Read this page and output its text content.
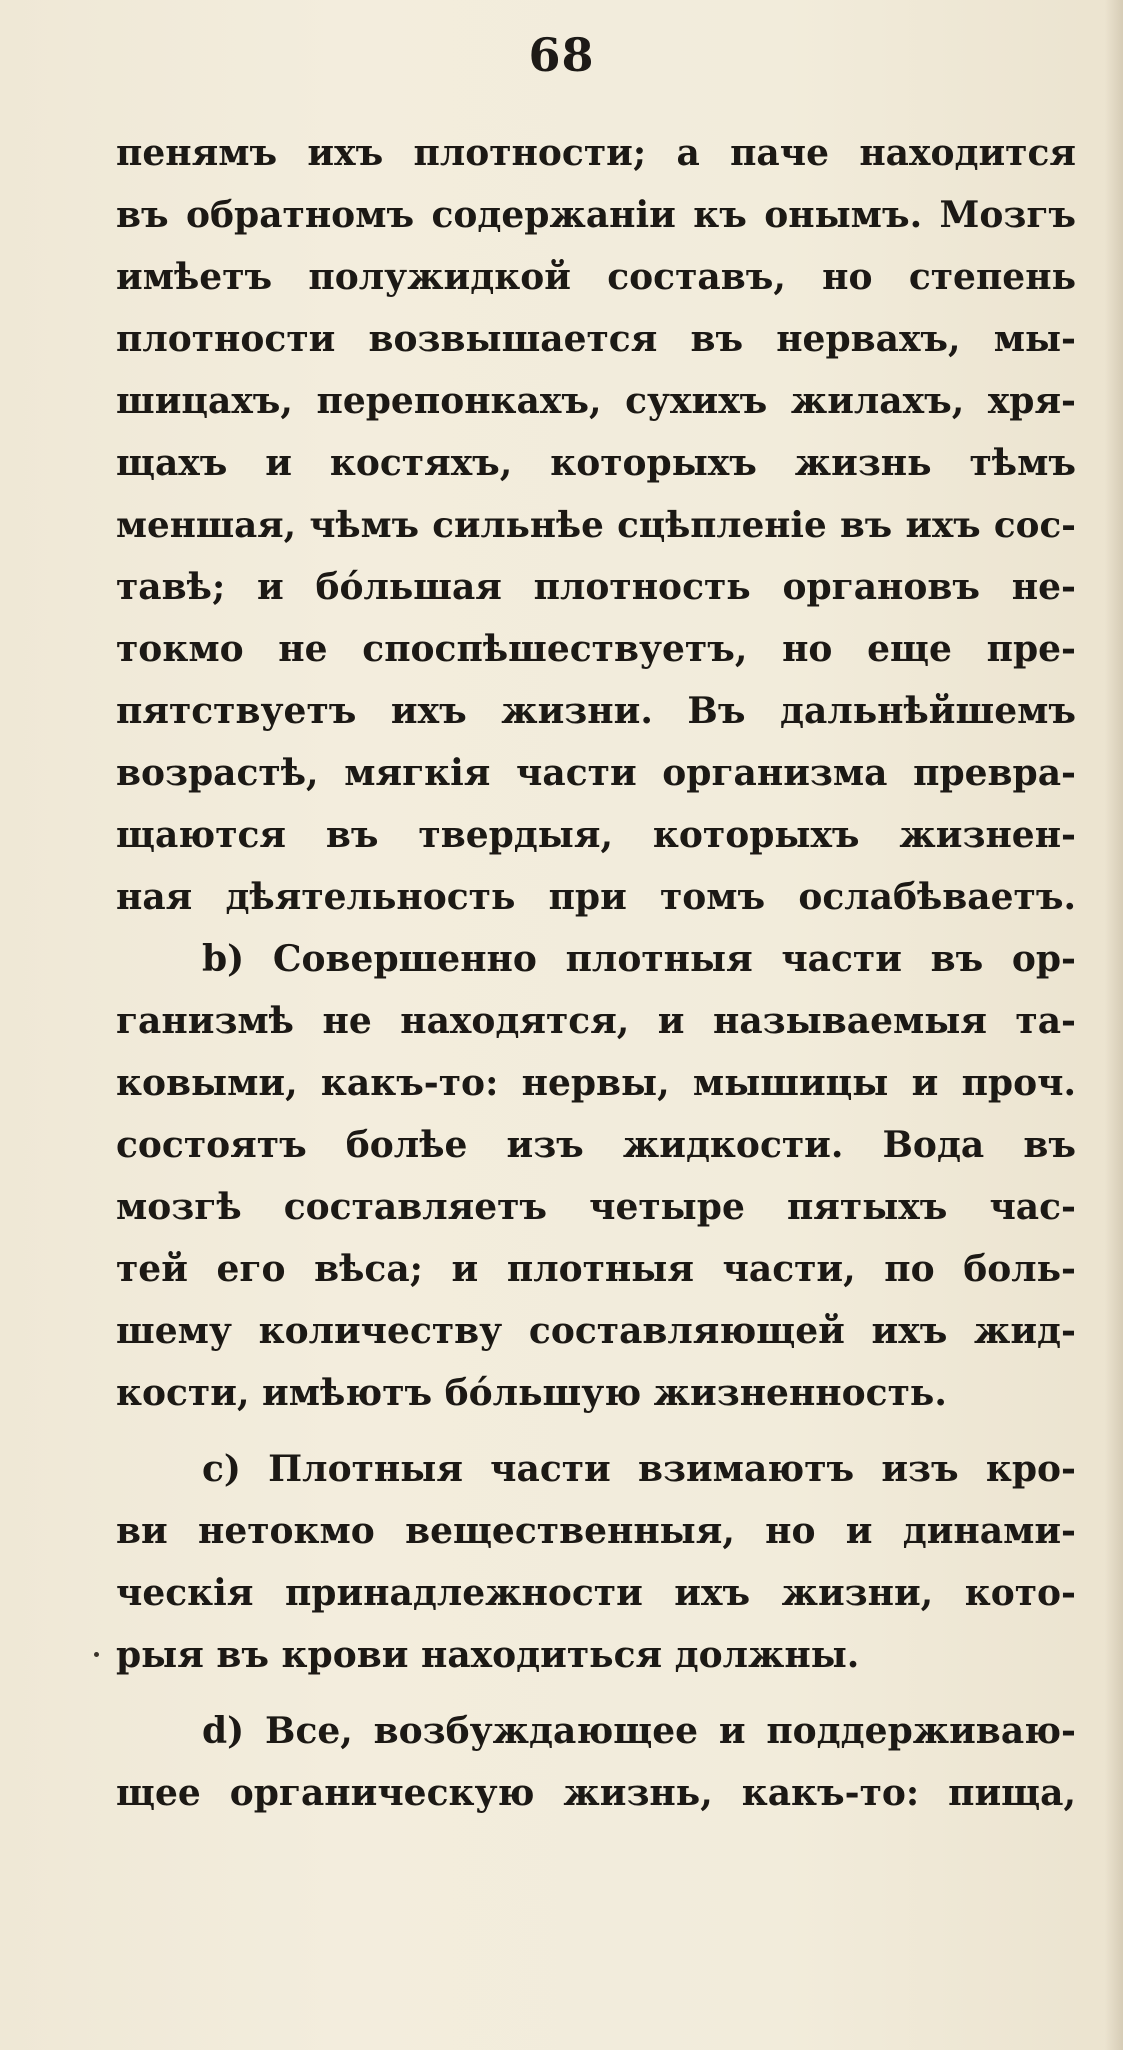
68
пенямъ ихъ плотности; а паче находится
въ обратномъ содержаніи къ онымъ. Мозгъ
имѣетъ полужидкой составъ, но степень
плотности возвышается въ нервахъ, мы-
шицахъ, перепонкахъ, сухихъ жилахъ, хря-
щахъ и костяхъ, которыхъ жизнь тѣмъ
меншая, чѣмъ сильнѣе сцѣпленіе въ ихъ сос-
тавѣ; и бо́льшая плотность органовъ не-
токмо не споспѣшествуетъ, но еще пре-
пятствуетъ ихъ жизни. Въ дальнѣйшемъ
возрастѣ, мягкія части организма превра-
щаются въ твердыя, которыхъ жизнен-
ная дѣятельность при томъ ослабѣваетъ.
b) Совершенно плотныя части въ ор-
ганизмѣ не находятся, и называемыя та-
ковыми, какъ-то: нервы, мышицы и проч.
состоятъ болѣе изъ жидкости. Вода въ
мозгѣ составляетъ четыре пятыхъ час-
тей его вѣса; и плотныя части, по боль-
шему количеству составляющей ихъ жид-
кости, имѣютъ бо́льшую жизненность.
c) Плотныя части взимаютъ изъ кро-
ви нетокмо вещественныя, но и динами-
ческія принадлежности ихъ жизни, кото-
рыя въ крови находиться должны.
d) Все, возбуждающее и поддерживаю-
щее органическую жизнь, какъ-то: пища,
